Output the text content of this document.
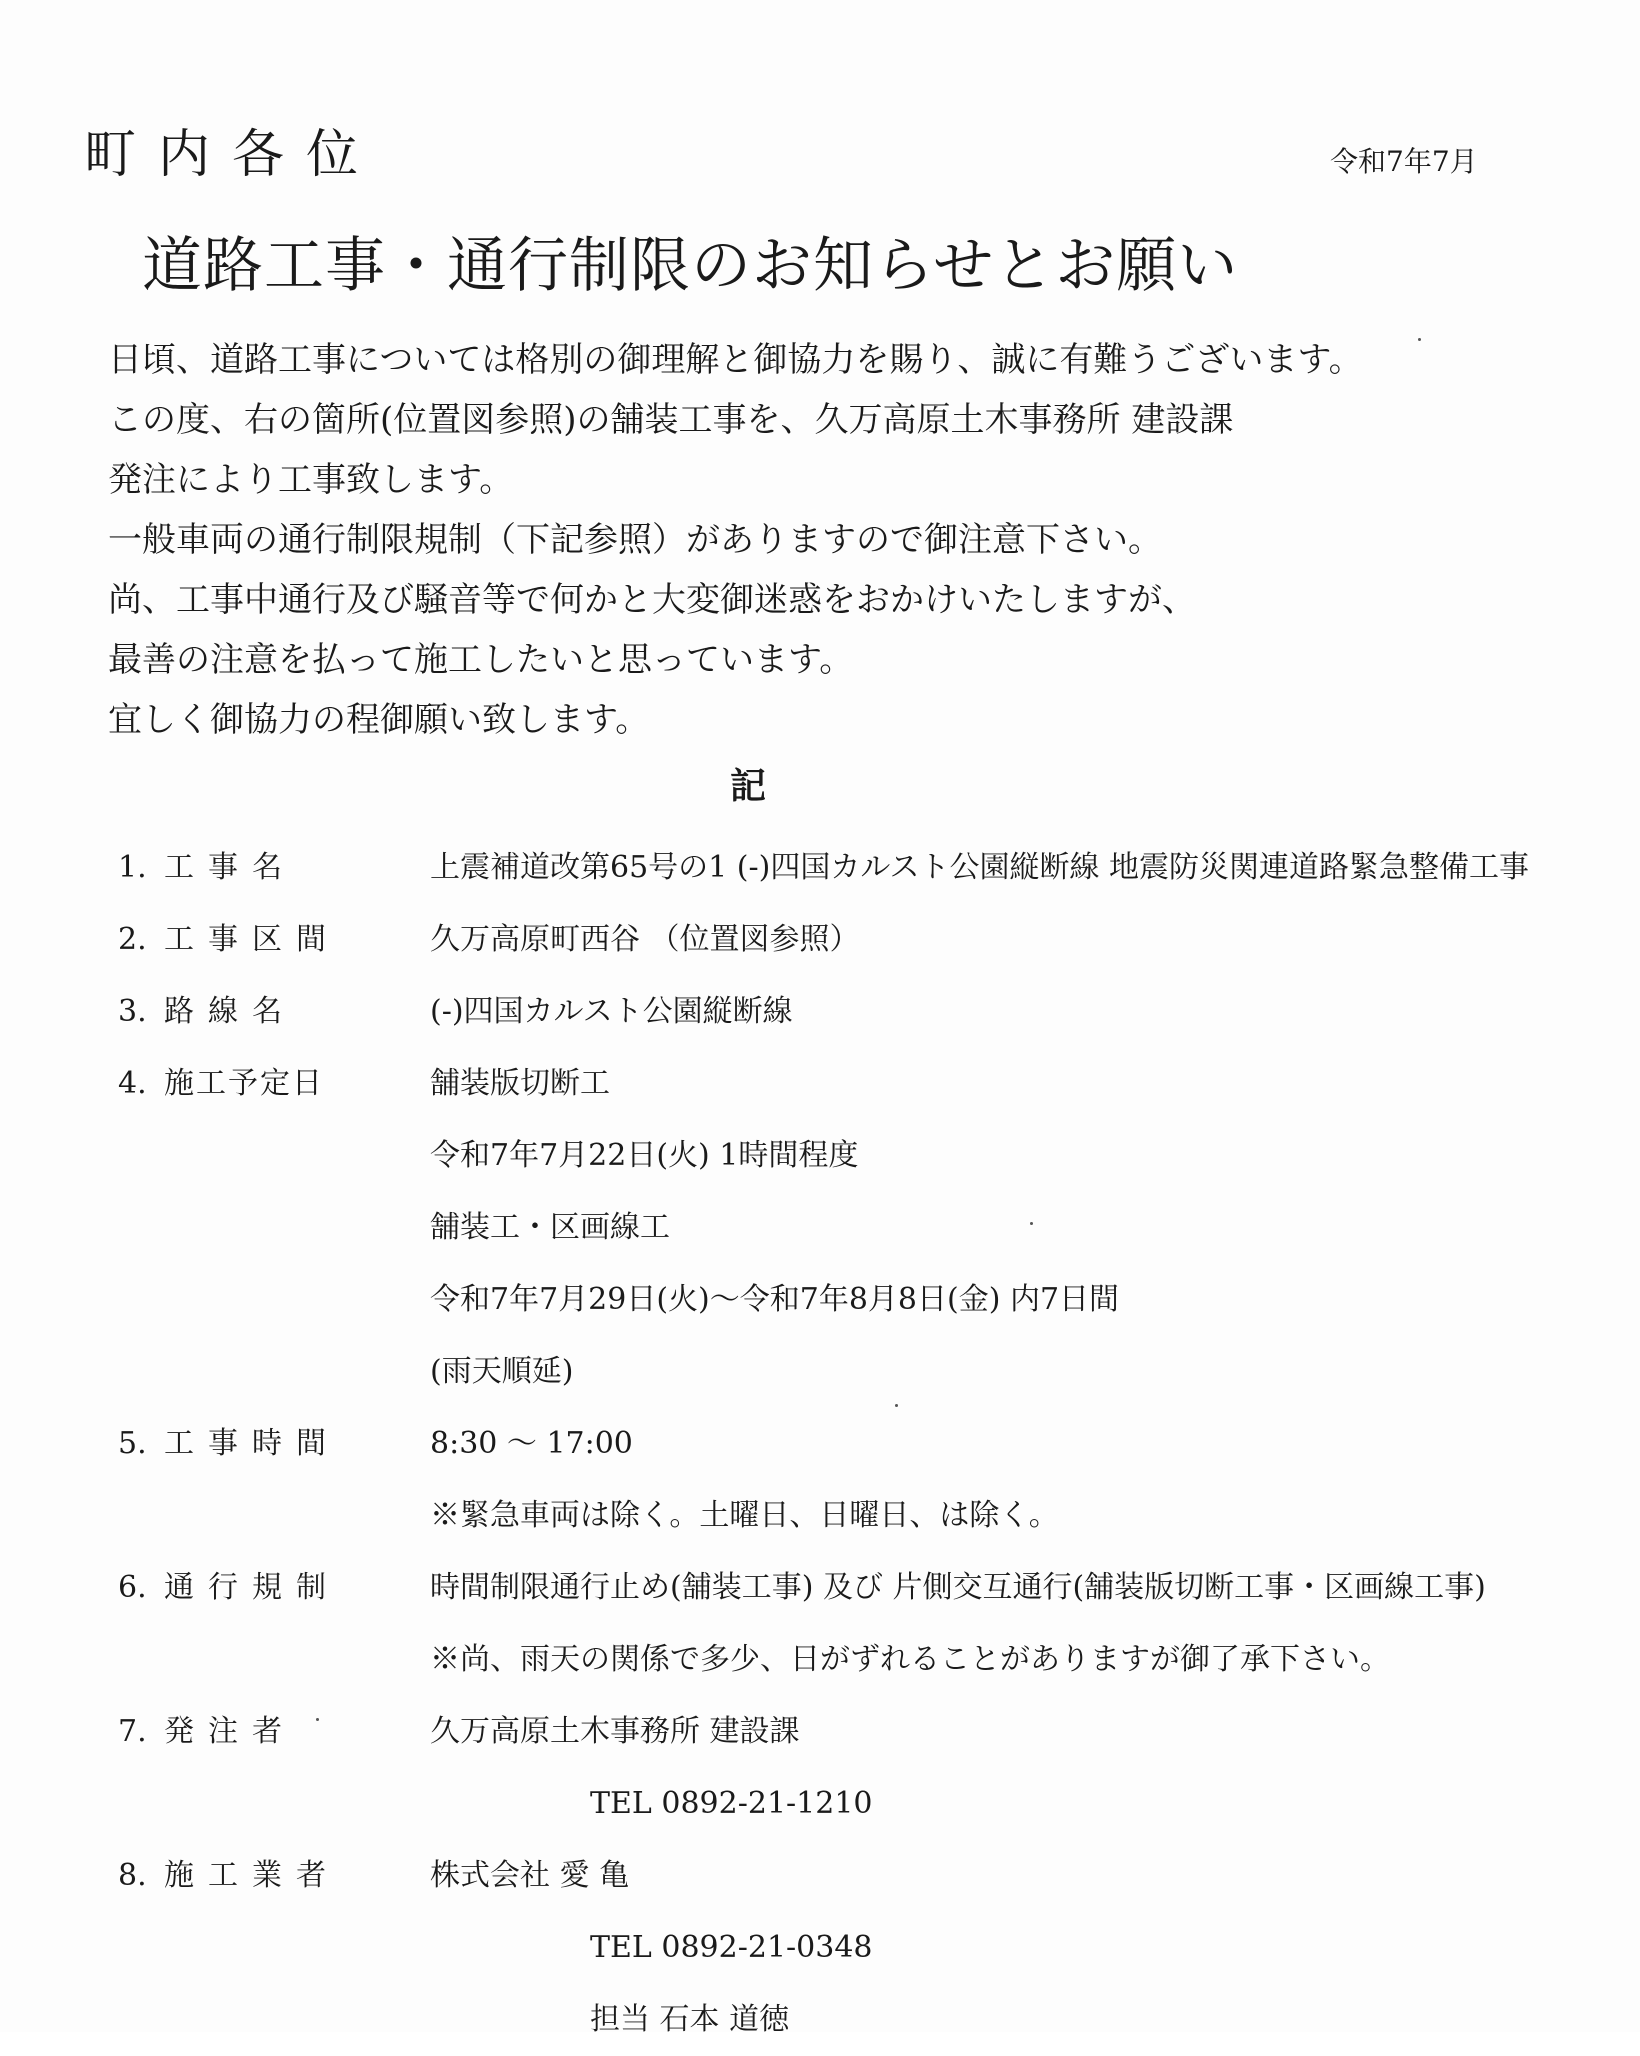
町内各位	令和7年7月
道路工事・通行制限のお知らせとお願い
日頃、道路工事については格別の御理解と御協力を賜り、誠に有難うございます。
この度、右の箇所(位置図参照)の舗装工事を、久万高原土木事務所 建設課
発注により工事致します。
一般車両の通行制限規制（下記参照）がありますので御注意下さい。
尚、工事中通行及び騒音等で何かと大変御迷惑をおかけいたしますが、
最善の注意を払って施工したいと思っています。
宜しく御協力の程御願い致します。
記
1. 工事名	上震補道改第65号の1 (-)四国カルスト公園縦断線 地震防災関連道路緊急整備工事
2. 工事区間	久万高原町西谷 （位置図参照）
3. 路線名	(-)四国カルスト公園縦断線
4. 施工予定日	舗装版切断工
令和7年7月22日(火) 1時間程度
舗装工・区画線工
令和7年7月29日(火)～令和7年8月8日(金) 内7日間
(雨天順延)
5. 工事時間	8:30 ～ 17:00
※緊急車両は除く。土曜日、日曜日、は除く。
6. 通行規制	時間制限通行止め(舗装工事) 及び 片側交互通行(舗装版切断工事・区画線工事)
※尚、雨天の関係で多少、日がずれることがありますが御了承下さい。
7. 発注者	久万高原土木事務所 建設課
TEL 0892-21-1210
8. 施工業者	株式会社 愛 亀
TEL 0892-21-0348
担当 石本 道徳
